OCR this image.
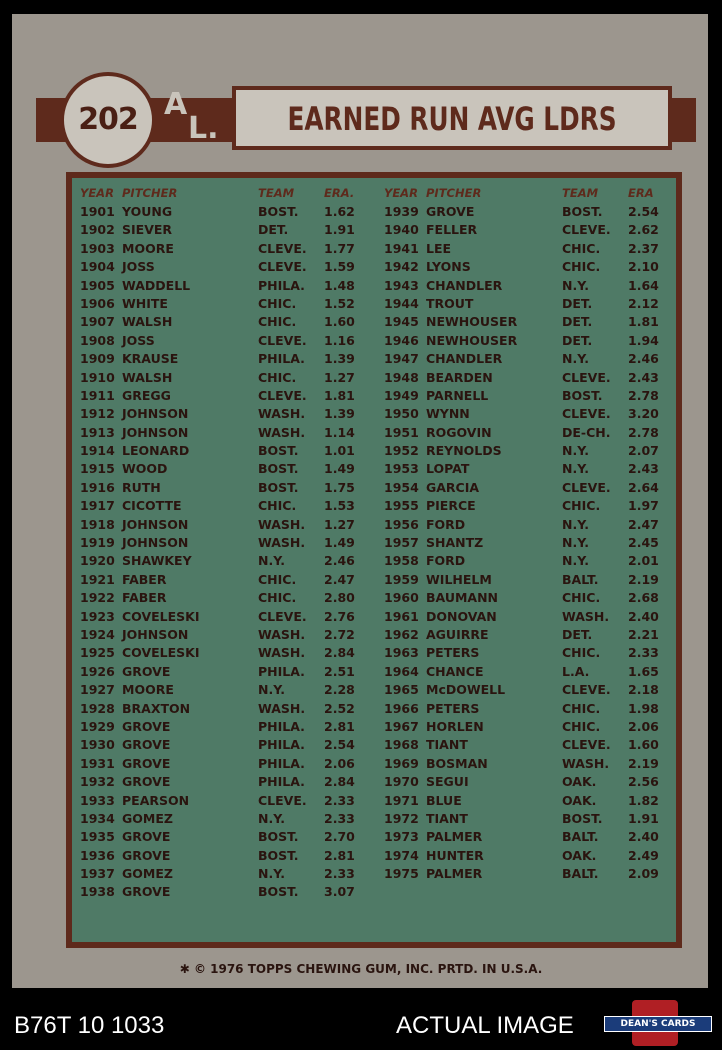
202 A
L.	EARNED RUN AVG LDRS
YEAR PITCHER	TEAM	ERA.
1901 YOUNG	BOST. 1.62
1902 SIEVER	DET.	1.91
1903 MOORE	CLEVE. 1.77
1904 JOSS	CLEVE. 1.59
1905 WADDELL	PHILA. 1.48
1906 WHITE	CHIC. 1.52
1907 WALSH	CHIC. 1.60
1908 JOSS	CLEVE. 1.16
1909 KRAUSE	PHILA. 1.39
1910 WALSH	CHIC. 1.27
1911 GREGG	CLEVE. 1.81
1912 JOHNSON	WASH. 1.39
1913 JOHNSON	WASH. 1.14
1914 LEONARD	BOST. 1.01
1915 WOOD	BOST. 1.49
1916 RUTH	BOST. 1.75
1917 CICOTTE	CHIC. 1.53
1918 JOHNSON	WASH. 1.27
1919 JOHNSON	WASH. 1.49
1920 SHAWKEY	N.Y.	2.46
1921 FABER	CHIC. 2.47
1922 FABER	CHIC. 2.80
1923 COVELESKI	CLEVE. 2.76
1924 JOHNSON	WASH. 2.72
1925 COVELESKI	WASH. 2.84
1926 GROVE	PHILA. 2.51
1927 MOORE	N.Y.	2.28
1928 BRAXTON	WASH. 2.52
1929 GROVE	PHILA. 2.81
1930 GROVE	PHILA. 2.54
1931 GROVE	PHILA. 2.06
1932 GROVE	PHILA. 2.84
1933 PEARSON	CLEVE. 2.33
1934 GOMEZ	N.Y.	2.33
1935 GROVE	BOST. 2.70
1936 GROVE	BOST. 2.81
1937 GOMEZ	N.Y.	2.33
1938 GROVE	BOST. 3.07
YEAR PITCHER	TEAM	ERA
1939 GROVE	BOST. 2.54
1940 FELLER	CLEVE. 2.62
1941 LEE	CHIC. 2.37
1942 LYONS	CHIC. 2.10
1943 CHANDLER	N.Y.	1.64
1944 TROUT	DET.	2.12
1945 NEWHOUSER	DET.	1.81
1946 NEWHOUSER	DET.	1.94
1947 CHANDLER	N.Y.	2.46
1948 BEARDEN	CLEVE. 2.43
1949 PARNELL	BOST. 2.78
1950 WYNN	CLEVE. 3.20
1951 ROGOVIN	DE-CH. 2.78
1952 REYNOLDS	N.Y.	2.07
1953 LOPAT	N.Y.	2.43
1954 GARCIA	CLEVE. 2.64
1955 PIERCE	CHIC. 1.97
1956 FORD	N.Y.	2.47
1957 SHANTZ	N.Y.	2.45
1958 FORD	N.Y.	2.01
1959 WILHELM	BALT. 2.19
1960 BAUMANN	CHIC. 2.68
1961 DONOVAN	WASH. 2.40
1962 AGUIRRE	DET.	2.21
1963 PETERS	CHIC. 2.33
1964 CHANCE	L.A.	1.65
1965 McDOWELL	CLEVE. 2.18
1966 PETERS	CHIC. 1.98
1967 HORLEN	CHIC. 2.06
1968 TIANT	CLEVE. 1.60
1969 BOSMAN	WASH. 2.19
1970 SEGUI	OAK.	2.56
1971 BLUE	OAK.	1.82
1972 TIANT	BOST. 1.91
1973 PALMER	BALT. 2.40
1974 HUNTER	OAK.	2.49
1975 PALMER	BALT. 2.09
✱ © 1976 TOPPS CHEWING GUM, INC. PRTD. IN U.S.A.
B76T 10 1033	ACTUAL IMAGE	DEAN'S CARDS
